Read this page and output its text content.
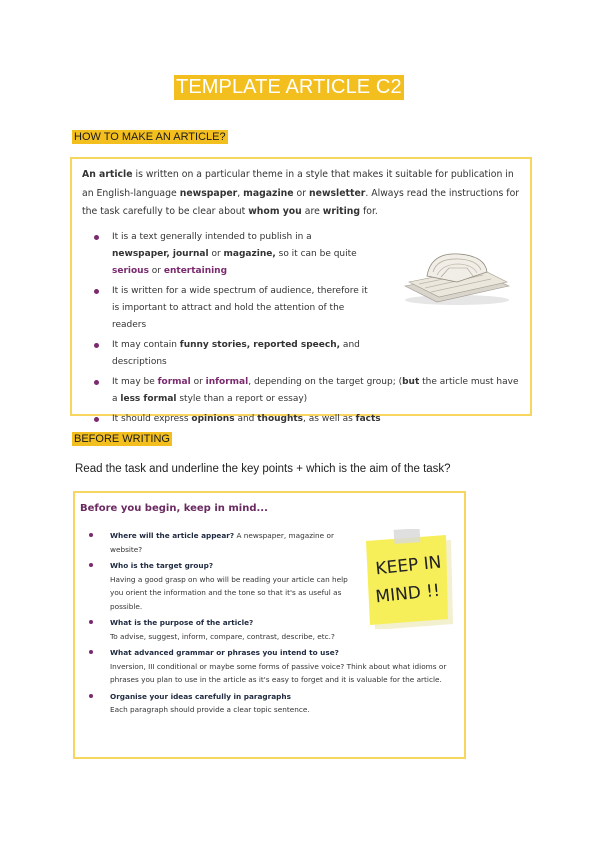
TEMPLATE ARTICLE C2
HOW TO MAKE AN ARTICLE?
An article is written on a particular theme in a style that makes it suitable for publication in an English-language newspaper, magazine or newsletter. Always read the instructions for the task carefully to be clear about whom you are writing for.
It is a text generally intended to publish in a newspaper, journal or magazine, so it can be quite serious or entertaining
It is written for a wide spectrum of audience, therefore it is important to attract and hold the attention of the readers
It may contain funny stories, reported speech, and descriptions
It may be formal or informal, depending on the target group; (but the article must have a less formal style than a report or essay)
It should express opinions and thoughts, as well as facts
BEFORE WRITING
Read the task and underline the key points + which is the aim of the task?
Before you begin, keep in mind...
Where will the article appear? A newspaper, magazine or website?
Who is the target group?
Having a good grasp on who will be reading your article can help you orient the information and the tone so that it's as useful as possible.
What is the purpose of the article?
To advise, suggest, inform, compare, contrast, describe, etc.?
What advanced grammar or phrases you intend to use?
Inversion, III conditional or maybe some forms of passive voice? Think about what idioms or phrases you plan to use in the article as it's easy to forget and it is valuable for the article.
Organise your ideas carefully in paragraphs
Each paragraph should provide a clear topic sentence.
KEEP IN
MIND !!
